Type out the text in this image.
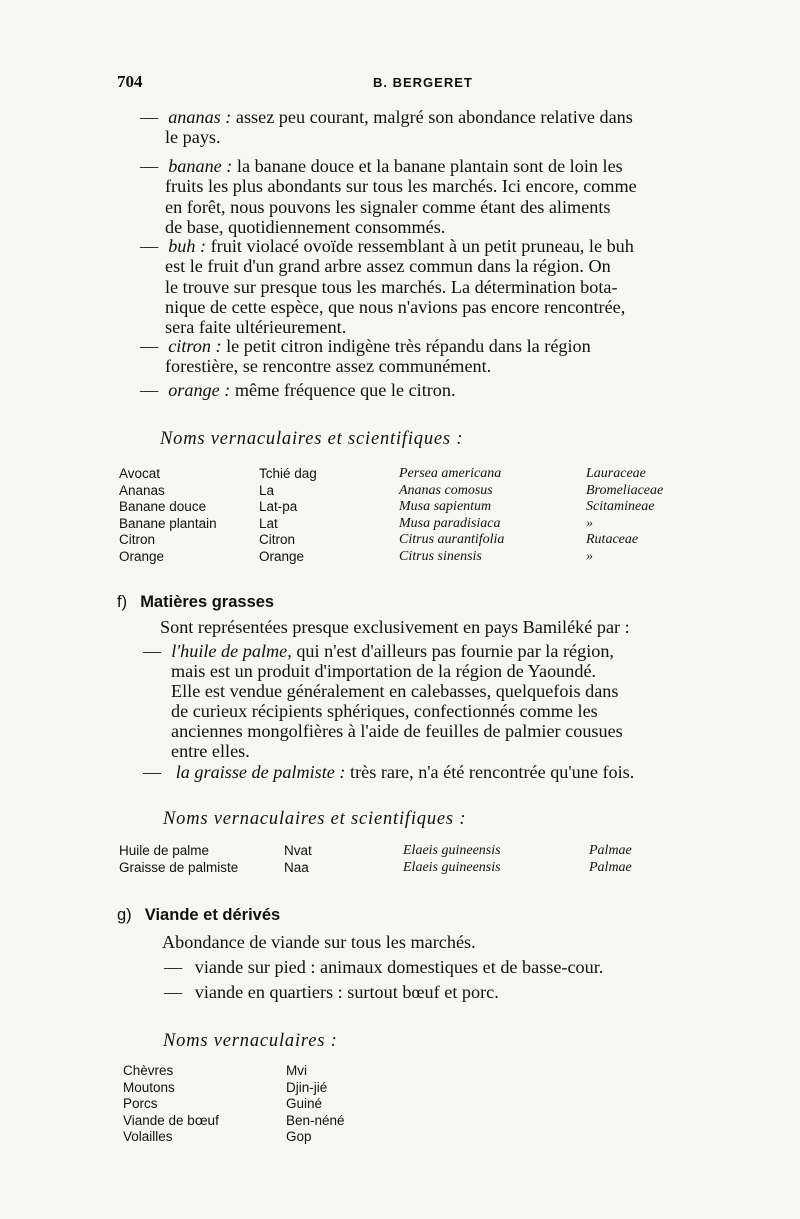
704	B. BERGERET
— ananas : assez peu courant, malgré son abondance relative dans
le pays.
— banane : la banane douce et la banane plantain sont de loin les
fruits les plus abondants sur tous les marchés. Ici encore, comme
en forêt, nous pouvons les signaler comme étant des aliments
de base, quotidiennement consommés.
— buh : fruit violacé ovoïde ressemblant à un petit pruneau, le buh
est le fruit d'un grand arbre assez commun dans la région. On
le trouve sur presque tous les marchés. La détermination bota-
nique de cette espèce, que nous n'avions pas encore rencontrée,
sera faite ultérieurement.
— citron : le petit citron indigène très répandu dans la région
forestière, se rencontre assez communément.
— orange : même fréquence que le citron.
Noms vernaculaires et scientifiques :
Avocat	Tchié dag	Persea americana	Lauraceae
Ananas	La	Ananas comosus	Bromeliaceae
Banane douce	Lat-pa	Musa sapientum	Scitamineae
Banane plantain	Lat	Musa paradisiaca	»
Citron	Citron	Citrus aurantifolia	Rutaceae
Orange	Orange	Citrus sinensis	»
f) Matières grasses
Sont représentées presque exclusivement en pays Bamiléké par :
— l'huile de palme, qui n'est d'ailleurs pas fournie par la région,
mais est un produit d'importation de la région de Yaoundé.
Elle est vendue généralement en calebasses, quelquefois dans
de curieux récipients sphériques, confectionnés comme les
anciennes mongolfières à l'aide de feuilles de palmier cousues
entre elles.
— la graisse de palmiste : très rare, n'a été rencontrée qu'une fois.
Noms vernaculaires et scientifiques :
Huile de palme	Nvat	Elaeis guineensis	Palmae
Graisse de palmiste	Naa	Elaeis guineensis	Palmae
g) Viande et dérivés
Abondance de viande sur tous les marchés.
— viande sur pied : animaux domestiques et de basse-cour.
— viande en quartiers : surtout bœuf et porc.
Noms vernaculaires :
Chèvres	Mvi
Moutons	Djin-jié
Porcs	Guiné
Viande de bœuf	Ben-néné
Volailles	Gop
